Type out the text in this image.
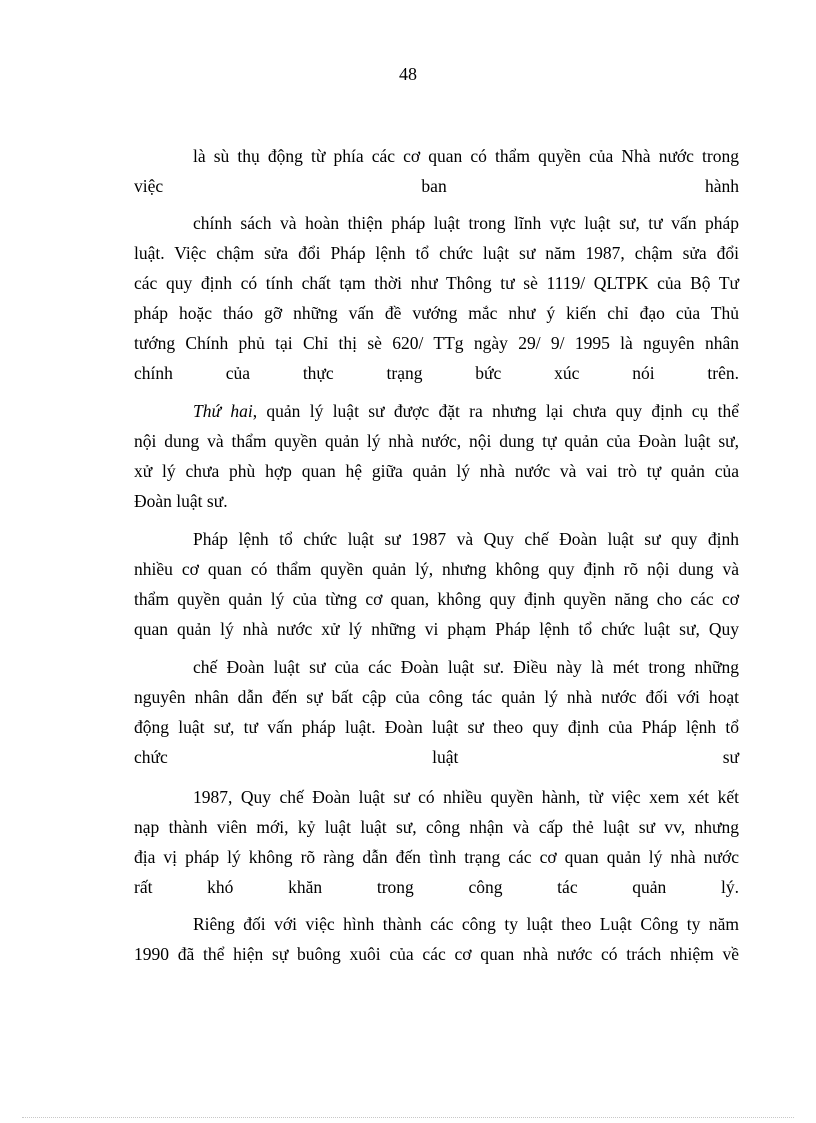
48
là sù thụ động từ phía các cơ quan có thẩm quyền của Nhà nước trong
việc ban hành
chính sách và hoàn thiện pháp luật trong lĩnh vực luật sư, tư vấn pháp
luật. Việc chậm sửa đổi Pháp lệnh tổ chức luật sư năm 1987, chậm sửa đổi
các quy định có tính chất tạm thời như Thông tư sè 1119/ QLTPK của Bộ Tư
pháp hoặc tháo gỡ những vấn đề vướng mắc như ý kiến chỉ đạo của Thủ
tướng Chính phủ tại Chỉ thị sè 620/ TTg ngày 29/ 9/ 1995 là nguyên nhân
chính của thực trạng bức xúc nói trên.
Thứ hai, quản lý luật sư được đặt ra nhưng lại chưa quy định cụ thể
nội dung và thẩm quyền quản lý nhà nước, nội dung tự quản của Đoàn luật sư,
xử lý chưa phù hợp quan hệ giữa quản lý nhà nước và vai trò tự quản của
Đoàn luật sư.
Pháp lệnh tổ chức luật sư 1987 và Quy chế Đoàn luật sư quy định
nhiều cơ quan có thẩm quyền quản lý, nhưng không quy định rõ nội dung và
thẩm quyền quản lý của từng cơ quan, không quy định quyền năng cho các cơ
quan quản lý nhà nước xử lý những vi phạm Pháp lệnh tổ chức luật sư, Quy
chế Đoàn luật sư của các Đoàn luật sư. Điều này là mét trong những
nguyên nhân dẫn đến sự bất cập của công tác quản lý nhà nước đối với hoạt
động luật sư, tư vấn pháp luật. Đoàn luật sư theo quy định của Pháp lệnh tổ
chức luật sư
1987, Quy chế Đoàn luật sư có nhiều quyền hành, từ việc xem xét kết
nạp thành viên mới, kỷ luật luật sư, công nhận và cấp thẻ luật sư vv, nhưng
địa vị pháp lý không rõ ràng dẫn đến tình trạng các cơ quan quản lý nhà nước
rất khó khăn trong công tác quản lý.
Riêng đối với việc hình thành các công ty luật theo Luật Công ty năm
1990 đã thể hiện sự buông xuôi của các cơ quan nhà nước có trách nhiệm về
